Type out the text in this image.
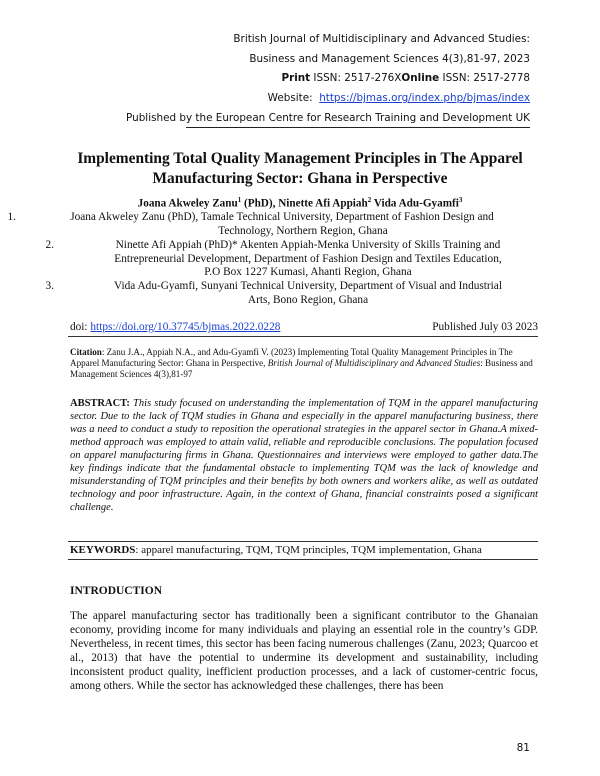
British Journal of Multidisciplinary and Advanced Studies:
Business and Management Sciences 4(3),81-97, 2023
Print ISSN: 2517-276XOnline ISSN: 2517-2778
Website: https://bjmas.org/index.php/bjmas/index
Published by the European Centre for Research Training and Development UK
Implementing Total Quality Management Principles in The Apparel Manufacturing Sector: Ghana in Perspective
Joana Akweley Zanu$^1$ (PhD), Ninette Afi Appiah$^2$ Vida Adu-Gyamfi$^3$
1.	Joana Akweley Zanu (PhD), Tamale Technical University, Department of Fashion Design and
Technology, Northern Region, Ghana
2.	Ninette Afi Appiah (PhD)* Akenten Appiah-Menka University of Skills Training and
Entrepreneurial Development, Department of Fashion Design and Textiles Education,
P.O Box 1227 Kumasi, Ahanti Region, Ghana
3.	Vida Adu-Gyamfi, Sunyani Technical University, Department of Visual and Industrial
Arts, Bono Region, Ghana
doi: https://doi.org/10.37745/bjmas.2022.0228	Published July 03 2023
Citation: Zanu J.A., Appiah N.A., and Adu-Gyamfi V. (2023) Implementing Total Quality Management Principles in The Apparel Manufacturing Sector: Ghana in Perspective, British Journal of Multidisciplinary and Advanced Studies: Business and Management Sciences 4(3),81-97
ABSTRACT: This study focused on understanding the implementation of TQM in the apparel manufacturing sector. Due to the lack of TQM studies in Ghana and especially in the apparel manufacturing business, there was a need to conduct a study to reposition the operational strategies in the apparel sector in Ghana.A mixed-method approach was employed to attain valid, reliable and reproducible conclusions. The population focused on apparel manufacturing firms in Ghana. Questionnaires and interviews were employed to gather data.The key findings indicate that the fundamental obstacle to implementing TQM was the lack of knowledge and misunderstanding of TQM principles and their benefits by both owners and workers alike, as well as outdated technology and poor infrastructure. Again, in the context of Ghana, financial constraints posed a significant challenge.
KEYWORDS: apparel manufacturing, TQM, TQM principles, TQM implementation, Ghana
INTRODUCTION
The apparel manufacturing sector has traditionally been a significant contributor to the Ghanaian economy, providing income for many individuals and playing an essential role in the country’s GDP. Nevertheless, in recent times, this sector has been facing numerous challenges (Zanu, 2023; Quarcoo et al., 2013) that have the potential to undermine its development and sustainability, including inconsistent product quality, inefficient production processes, and a lack of customer-centric focus, among others. While the sector has acknowledged these challenges, there has been
81
